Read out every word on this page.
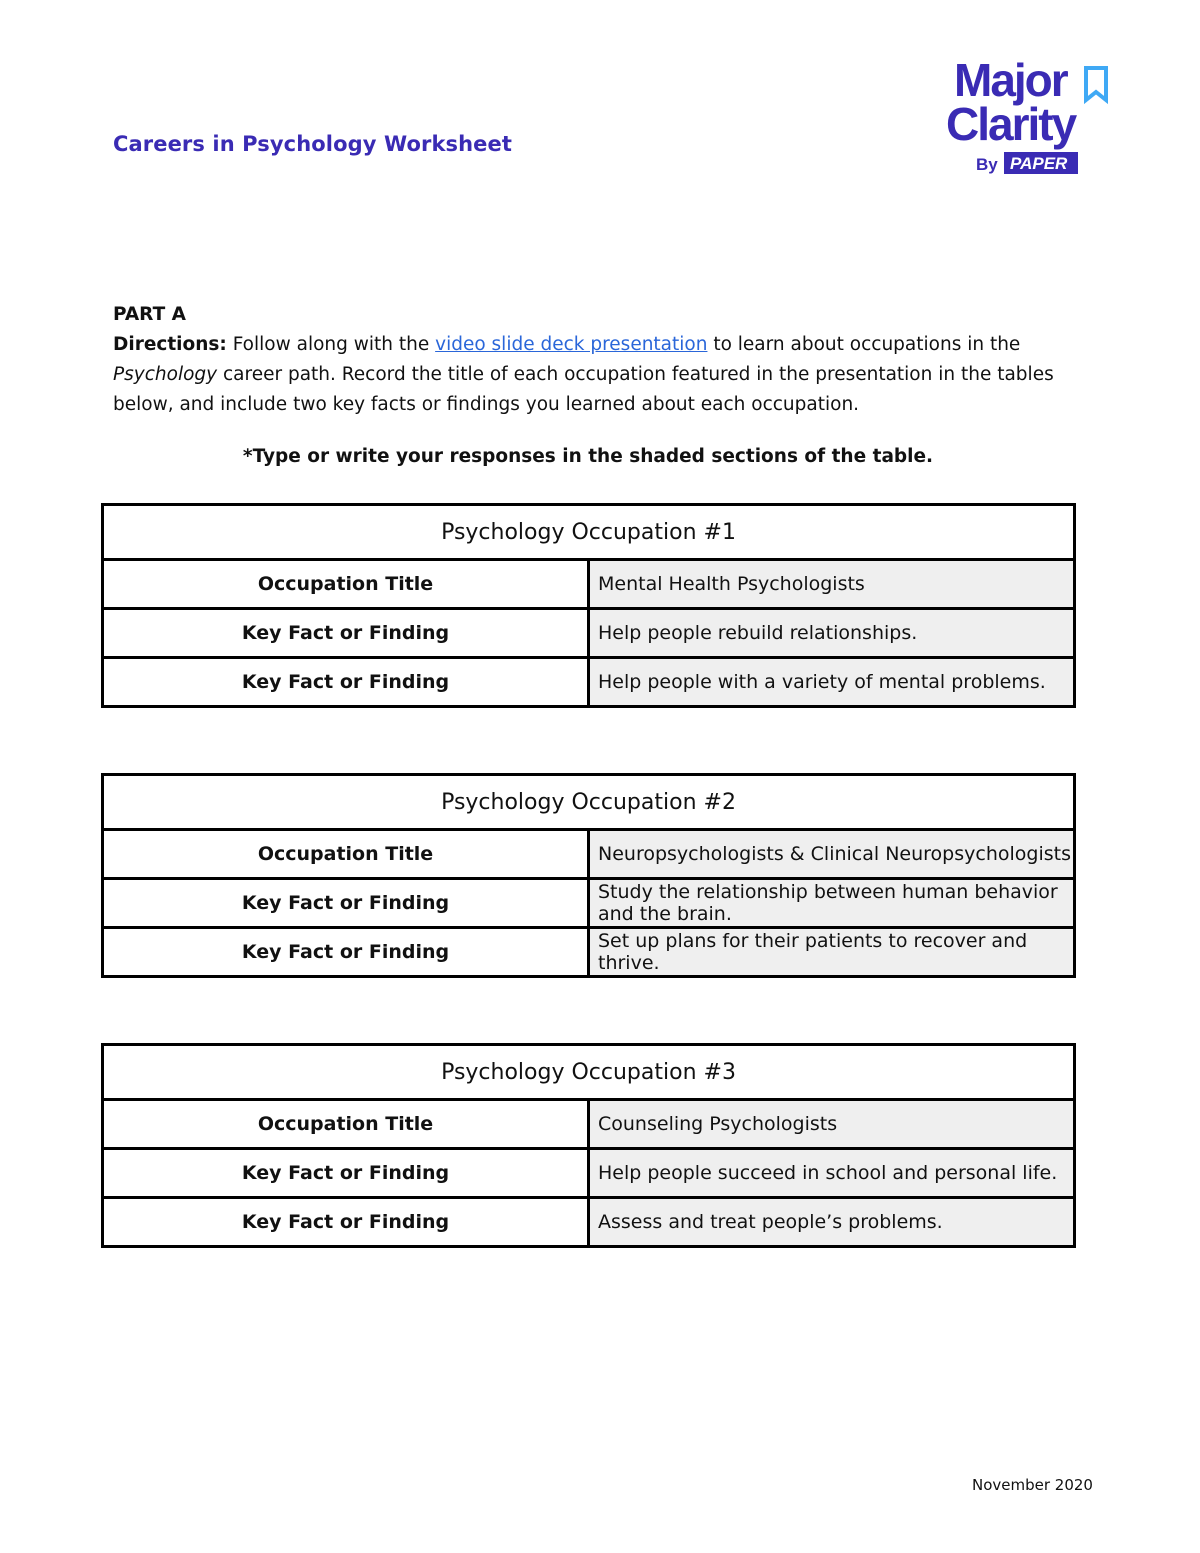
Careers in Psychology Worksheet
Major
Clarity
By PAPER
PART A
Directions: Follow along with the video slide deck presentation to learn about occupations in the Psychology career path. Record the title of each occupation featured in the presentation in the tables below, and include two key facts or findings you learned about each occupation.
*Type or write your responses in the shaded sections of the table.
Psychology Occupation #1	
Occupation Title	Mental Health Psychologists
Key Fact or Finding	Help people rebuild relationships.
Key Fact or Finding	Help people with a variety of mental problems.
Psychology Occupation #2	
Occupation Title	Neuropsychologists & Clinical Neuropsychologists
Key Fact or Finding	Study the relationship between human behavior and the brain.
Key Fact or Finding	Set up plans for their patients to recover and thrive.
Psychology Occupation #3	
Occupation Title	Counseling Psychologists
Key Fact or Finding	Help people succeed in school and personal life.
Key Fact or Finding	Assess and treat people’s problems.
November 2020
